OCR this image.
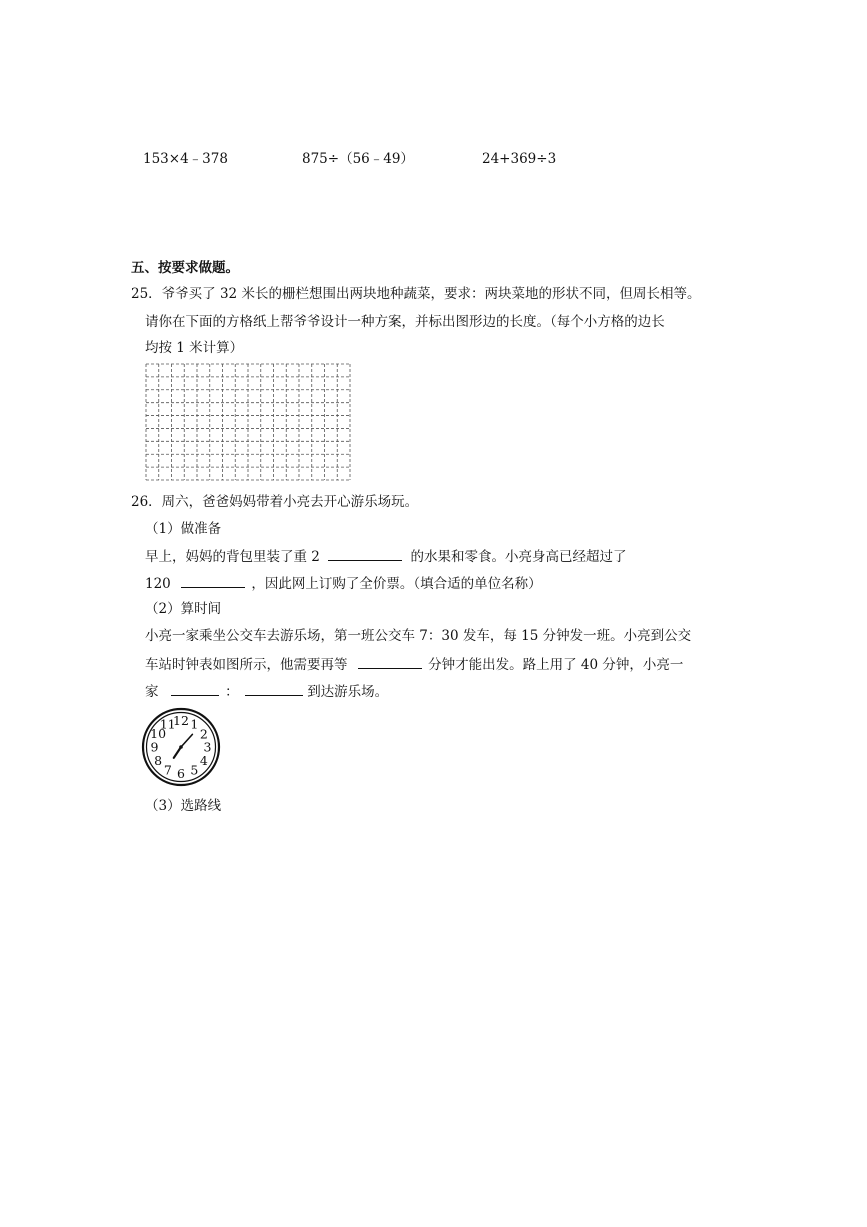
153×4﹣378	875÷（56﹣49）	24+369÷3
五、按要求做题。
25．爷爷买了 32 米长的栅栏想围出两块地种蔬菜，要求：两块菜地的形状不同，但周长相等。
请你在下面的方格纸上帮爷爷设计一种方案，并标出图形边的长度。（每个小方格的边长
均按 1 米计算）
26．周六，爸爸妈妈带着小亮去开心游乐场玩。
（1）做准备
早上，妈妈的背包里装了重 2	的水果和零食。小亮身高已经超过了
120	，因此网上订购了全价票。（填合适的单位名称）
（2）算时间
小亮一家乘坐公交车去游乐场，第一班公交车 7：30 发车，每 15 分钟发一班。小亮到公交
车站时钟表如图所示，他需要再等	分钟才能出发。路上用了 40 分钟，小亮一
家	：	到达游乐场。
12 1
2
3
4
5
6
7
8
9
10
11
（3）选路线
